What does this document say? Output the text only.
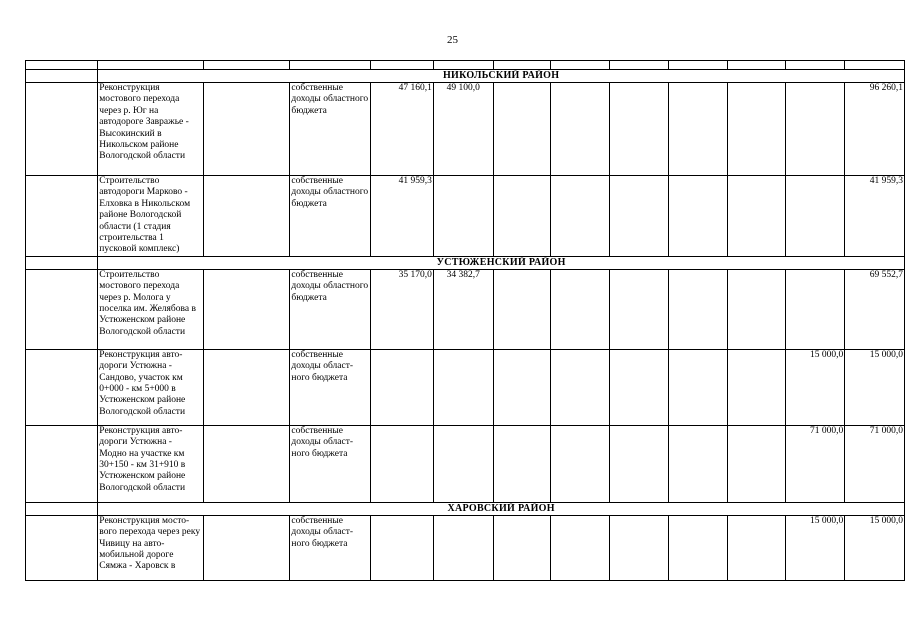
25

	НИКОЛЬСКИЙ РАЙОН											
	Реконструкция мостового перехода через р. Юг на автодороге Завражье - Высокинский в Никольском районе Вологодской области		собственные доходы областного бюджета	47 160,1	49 100,0							96 260,1
	Строительство автодороги Марково - Елховка в Никольском районе Вологодской области (1 стадия строительства 1 пусковой комплекс)		собственные доходы областного бюджета	41 959,3								41 959,3
	УСТЮЖЕНСКИЙ РАЙОН											
	Строительство мостового перехода через р. Молога у поселка им. Желябова в Устюженском районе Вологодской области		собственные доходы областного бюджета	35 170,0	34 382,7							69 552,7
	Реконструкция авто-дороги Устюжна - Сандово, участок км 0+000 - км 5+000 в Устюженском районе Вологодской области		собственные доходы област-ного бюджета								15 000,0	15 000,0
	Реконструкция авто-дороги Устюжна - Модно на участке км 30+150 - км 31+910 в Устюженском районе Вологодской области		собственные доходы област-ного бюджета								71 000,0	71 000,0
	ХАРОВСКИЙ РАЙОН											
	Реконструкция мосто-вого перехода через реку Чивицу на авто-мобильной дороге Сямжа - Харовск в		собственные доходы област-ного бюджета								15 000,0	15 000,0
